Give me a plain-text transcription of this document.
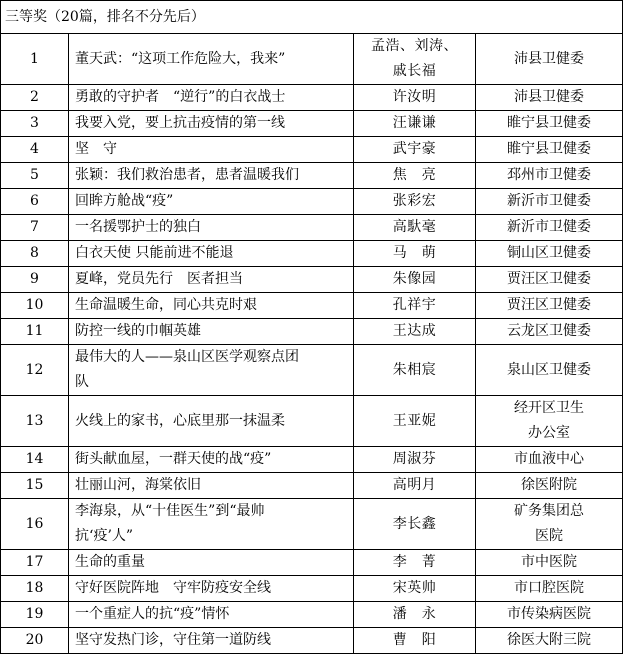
三等奖（20篇，排名不分先后）			
1	董天武：“这项工作危险大，我来”	孟浩、刘涛、
戚长福	沛县卫健委

2	勇敢的守护者　“逆行”的白衣战士	许汝明	沛县卫健委

3	我要入党，要上抗击疫情的第一线	汪谦谦	睢宁县卫健委

4	坚　守	武宇豪	睢宁县卫健委

5	张颖：我们救治患者，患者温暖我们	焦　亮	邳州市卫健委

6	回眸方舱战“疫”	张彩宏	新沂市卫健委

7	一名援鄂护士的独白	高馱毫	新沂市卫健委

8	白衣天使 只能前进不能退	马　萌	铜山区卫健委

9	夏峰，党员先行　医者担当	朱像园	贾汪区卫健委

10	生命温暖生命，同心共克时艰	孔祥宇	贾汪区卫健委

11	防控一线的巾帼英雄	王达成	云龙区卫健委

12	最伟大的人——泉山区医学观察点团
队	朱相宸	泉山区卫健委

13	火线上的家书，心底里那一抹温柔	王亚妮	经开区卫生
办公室

14	街头献血屋，一群天使的战“疫”	周淑芬	市血液中心

15	壮丽山河，海棠依旧	高明月	徐医附院

16	李海泉，从“十佳医生”到“最帅
抗‘疫’人”	李长鑫	矿务集团总
医院

17	生命的重量	李　菁	市中医院

18	守好医院阵地　守牢防疫安全线	宋英帅	市口腔医院

19	一个重症人的抗“疫”情怀	潘　永	市传染病医院

20	坚守发热门诊，守住第一道防线	曹　阳	徐医大附三院
